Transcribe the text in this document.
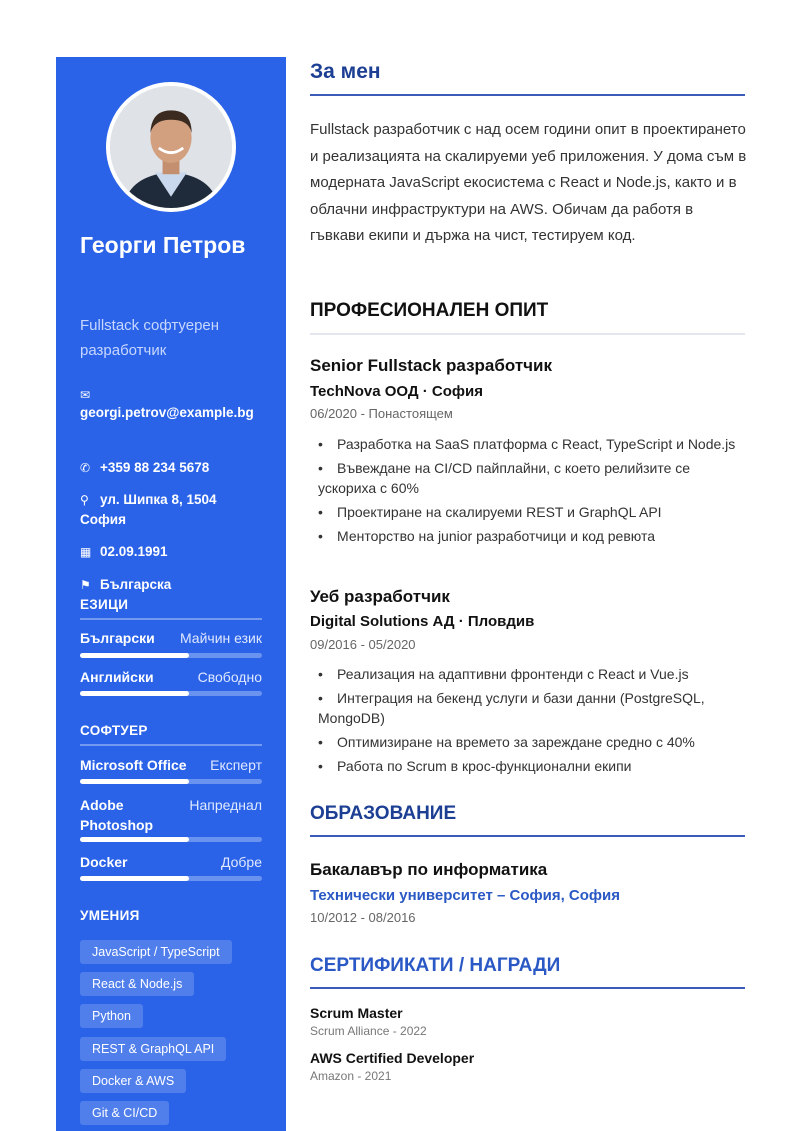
Георги Петров
Fullstack софтуерен разработчик
✉
georgi.petrov@example.bg
✆ +359 88 234 5678
⚲ ул. Шипка 8, 1504 София
▦ 02.09.1991
⚑ Българска
ЕЗИЦИ
Български Майчин език
Английски	Свободно
СОФТУЕР
Microsoft Office Експерт
Adobe Photoshop
Напреднал
Docker	Добре
УМЕНИЯ
JavaScript / TypeScript
React & Node.js
Python
REST & GraphQL API
Docker & AWS
Git & CI/CD
За мен
Fullstack разработчик с над осем години опит в проектирането и реализацията на скалируеми уеб приложения. У дома съм в модерната JavaScript екосистема с React и Node.js, както и в облачни инфраструктури на AWS. Обичам да работя в гъвкави екипи и държа на чист, тестируем код.
ПРОФЕСИОНАЛЕН ОПИТ
Senior Fullstack разработчик
TechNova ООД · София
06/2020 - Понастоящем
• Разработка на SaaS платформа с React, TypeScript и Node.js
• Въвеждане на CI/CD пайплайни, с което релийзите се ускориха с 60%
• Проектиране на скалируеми REST и GraphQL API
• Менторство на junior разработчици и код ревюта
Уеб разработчик
Digital Solutions АД · Пловдив
09/2016 - 05/2020
• Реализация на адаптивни фронтенди с React и Vue.js
• Интеграция на бекенд услуги и бази данни (PostgreSQL, MongoDB)
• Оптимизиране на времето за зареждане средно с 40%
• Работа по Scrum в крос-функционални екипи
ОБРАЗОВАНИЕ
Бакалавър по информатика
Технически университет – София, София
10/2012 - 08/2016
СЕРТИФИКАТИ / НАГРАДИ
Scrum Master
Scrum Alliance - 2022
AWS Certified Developer
Amazon - 2021
